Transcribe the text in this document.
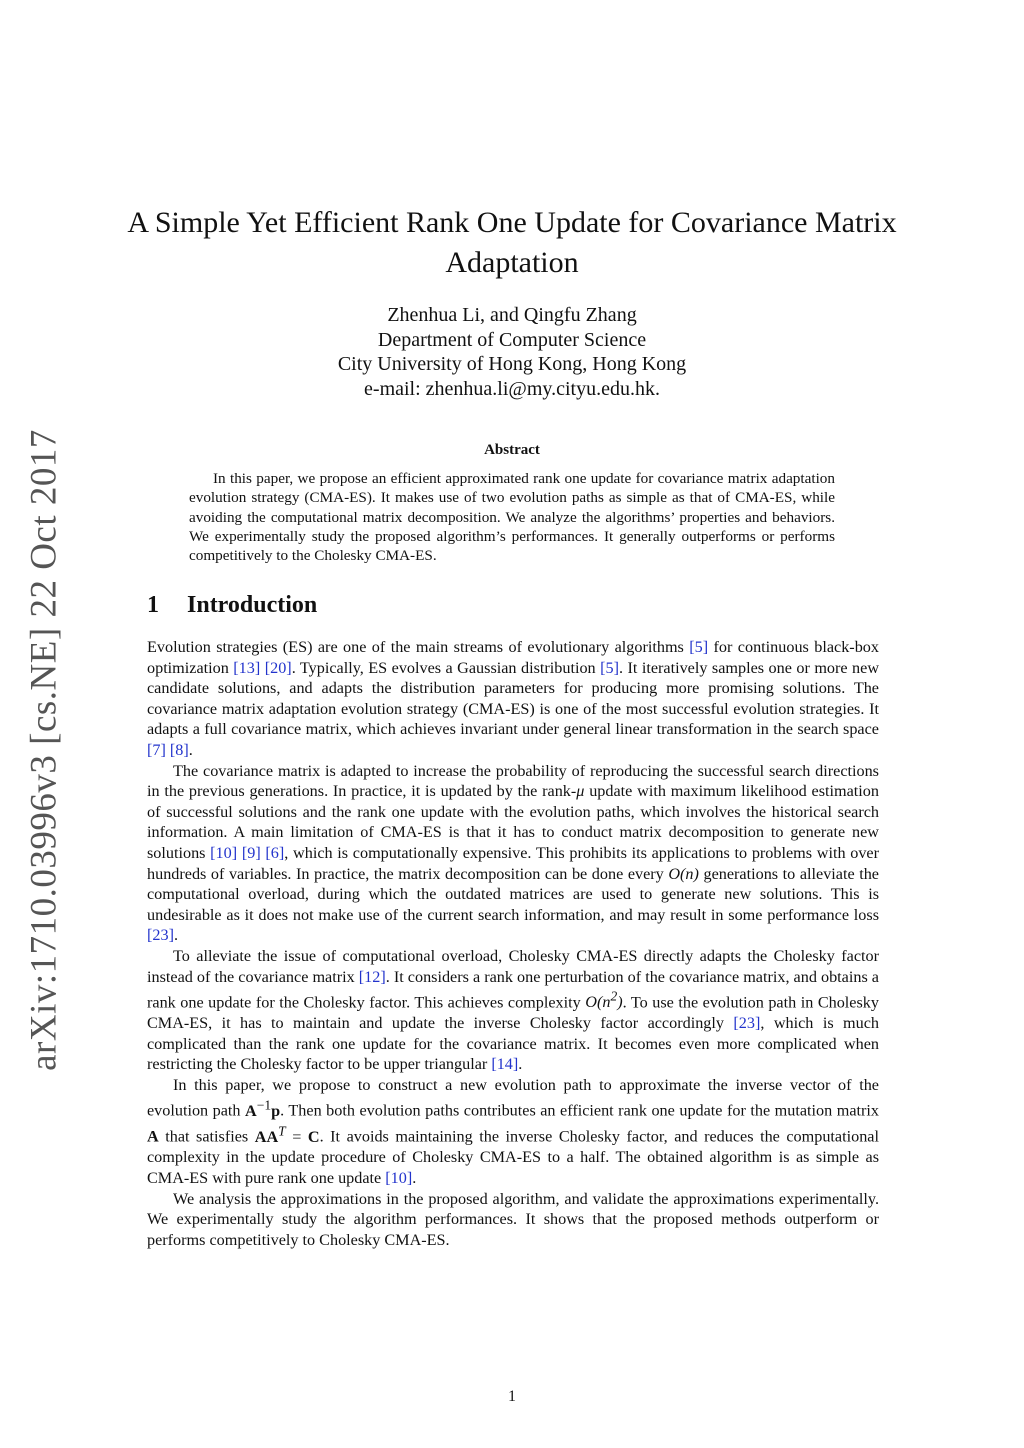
arXiv:1710.03996v3 [cs.NE] 22 Oct 2017
A Simple Yet Efficient Rank One Update for Covariance Matrix Adaptation
Zhenhua Li, and Qingfu Zhang
Department of Computer Science
City University of Hong Kong, Hong Kong
e-mail: zhenhua.li@my.cityu.edu.hk.
Abstract

In this paper, we propose an efficient approximated rank one update for covariance matrix adaptation evolution strategy (CMA-ES). It makes use of two evolution paths as simple as that of CMA-ES, while avoiding the computational matrix decomposition. We analyze the algorithms’ properties and behaviors. We experimentally study the proposed algorithm’s performances. It generally outperforms or performs competitively to the Cholesky CMA-ES.

1 Introduction

Evolution strategies (ES) are one of the main streams of evolutionary algorithms [5] for continuous black-box optimization [13] [20]. Typically, ES evolves a Gaussian distribution [5]. It iteratively samples one or more new candidate solutions, and adapts the distribution parameters for producing more promising solutions. The covariance matrix adaptation evolution strategy (CMA-ES) is one of the most successful evolution strategies. It adapts a full covariance matrix, which achieves invariant under general linear transformation in the search space [7] [8].

The covariance matrix is adapted to increase the probability of reproducing the successful search directions in the previous generations. In practice, it is updated by the rank-μ update with maximum likelihood estimation of successful solutions and the rank one update with the evolution paths, which involves the historical search information. A main limitation of CMA-ES is that it has to conduct matrix decomposition to generate new solutions [10] [9] [6], which is computationally expensive. This prohibits its applications to problems with over hundreds of variables. In practice, the matrix decomposition can be done every O(n) generations to alleviate the computational overload, during which the outdated matrices are used to generate new solutions. This is undesirable as it does not make use of the current search information, and may result in some performance loss [23].

To alleviate the issue of computational overload, Cholesky CMA-ES directly adapts the Cholesky factor instead of the covariance matrix [12]. It considers a rank one perturbation of the covariance matrix, and obtains a rank one update for the Cholesky factor. This achieves complexity $O(n^2)$. To use the evolution path in Cholesky CMA-ES, it has to maintain and update the inverse Cholesky factor accordingly [23], which is much complicated than the rank one update for the covariance matrix. It becomes even more complicated when restricting the Cholesky factor to be upper triangular [14].

In this paper, we propose to construct a new evolution path to approximate the inverse vector of the evolution path $A^{-1}p$. Then both evolution paths contributes an efficient rank one update for the mutation matrix A that satisfies $AA^T = C$. It avoids maintaining the inverse Cholesky factor, and reduces the computational complexity in the update procedure of Cholesky CMA-ES to a half. The obtained algorithm is as simple as CMA-ES with pure rank one update [10].

We analysis the approximations in the proposed algorithm, and validate the approximations experimentally. We experimentally study the algorithm performances. It shows that the proposed methods outperform or performs competitively to Cholesky CMA-ES.

1
